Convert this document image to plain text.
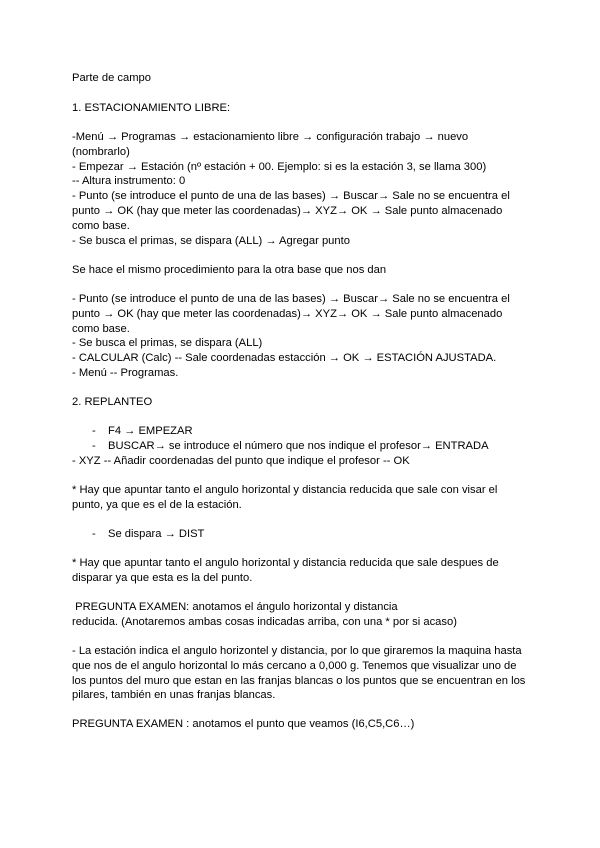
Parte de campo
1. ESTACIONAMIENTO LIBRE:
-Menú → Programas → estacionamiento libre → configuración trabajo → nuevo
(nombrarlo)
- Empezar → Estación (nº estación + 00. Ejemplo: si es la estación 3, se llama 300)
-- Altura instrumento: 0
- Punto (se introduce el punto de una de las bases) → Buscar→ Sale no se encuentra el
punto → OK (hay que meter las coordenadas)→ XYZ→ OK → Sale punto almacenado
como base.
- Se busca el primas, se dispara (ALL) → Agregar punto
Se hace el mismo procedimiento para la otra base que nos dan
- Punto (se introduce el punto de una de las bases) → Buscar→ Sale no se encuentra el
punto → OK (hay que meter las coordenadas)→ XYZ→ OK → Sale punto almacenado
como base.
- Se busca el primas, se dispara (ALL)
- CALCULAR (Calc) -- Sale coordenadas estacción → OK → ESTACIÓN AJUSTADA.
- Menú -- Programas.
2. REPLANTEO
- F4 → EMPEZAR
- BUSCAR→ se introduce el número que nos indique el profesor→ ENTRADA
- XYZ -- Añadir coordenadas del punto que indique el profesor -- OK
* Hay que apuntar tanto el angulo horizontal y distancia reducida que sale con visar el
punto, ya que es el de la estación.
- Se dispara → DIST
* Hay que apuntar tanto el angulo horizontal y distancia reducida que sale despues de
disparar ya que esta es la del punto.
PREGUNTA EXAMEN: anotamos el ángulo horizontal y distancia
reducida. (Anotaremos ambas cosas indicadas arriba, con una * por si acaso)
- La estación indica el angulo horizontel y distancia, por lo que giraremos la maquina hasta
que nos de el angulo horizontal lo más cercano a 0,000 g. Tenemos que visualizar uno de
los puntos del muro que estan en las franjas blancas o los puntos que se encuentran en los
pilares, también en unas franjas blancas.
PREGUNTA EXAMEN : anotamos el punto que veamos (I6,C5,C6…)
